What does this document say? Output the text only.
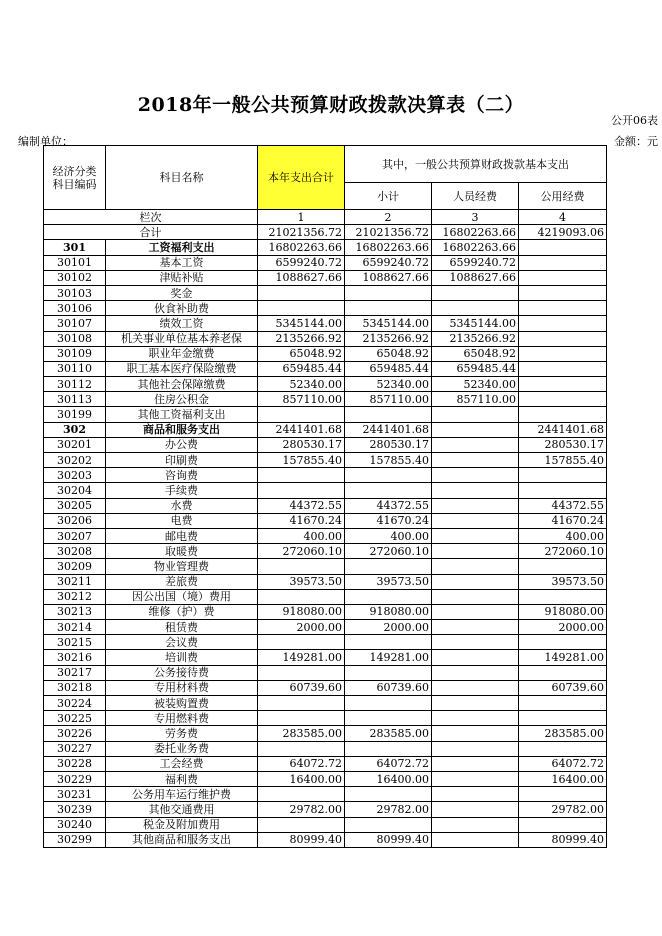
2018年一般公共预算财政拨款决算表（二）
公开06表
编制单位：	金额：元
经济分类
科目编码	科目名称	本年支出合计	其中，一般公共预算财政拨款基本支出		
			小计	人员经费	公用经费
栏次		1	2	3	4
合计		21021356.72	21021356.72	16802263.66	4219093.06
301	工资福利支出	16802263.66	16802263.66	16802263.66	
30101	基本工资	6599240.72	6599240.72	6599240.72	
30102	津贴补贴	1088627.66	1088627.66	1088627.66	
30103	奖金				
30106	伙食补助费				
30107	绩效工资	5345144.00	5345144.00	5345144.00	
30108	机关事业单位基本养老保	2135266.92	2135266.92	2135266.92	
30109	职业年金缴费	65048.92	65048.92	65048.92	
30110	职工基本医疗保险缴费	659485.44	659485.44	659485.44	
30112	其他社会保障缴费	52340.00	52340.00	52340.00	
30113	住房公积金	857110.00	857110.00	857110.00	
30199	其他工资福利支出				
302	商品和服务支出	2441401.68	2441401.68		2441401.68
30201	办公费	280530.17	280530.17		280530.17
30202	印刷费	157855.40	157855.40		157855.40
30203	咨询费				
30204	手续费				
30205	水费	44372.55	44372.55		44372.55
30206	电费	41670.24	41670.24		41670.24
30207	邮电费	400.00	400.00		400.00
30208	取暖费	272060.10	272060.10		272060.10
30209	物业管理费				
30211	差旅费	39573.50	39573.50		39573.50
30212	因公出国（境）费用				
30213	维修（护）费	918080.00	918080.00		918080.00
30214	租赁费	2000.00	2000.00		2000.00
30215	会议费				
30216	培训费	149281.00	149281.00		149281.00
30217	公务接待费				
30218	专用材料费	60739.60	60739.60		60739.60
30224	被装购置费				
30225	专用燃料费				
30226	劳务费	283585.00	283585.00		283585.00
30227	委托业务费				
30228	工会经费	64072.72	64072.72		64072.72
30229	福利费	16400.00	16400.00		16400.00
30231	公务用车运行维护费				
30239	其他交通费用	29782.00	29782.00		29782.00
30240	税金及附加费用				
30299	其他商品和服务支出	80999.40	80999.40		80999.40
